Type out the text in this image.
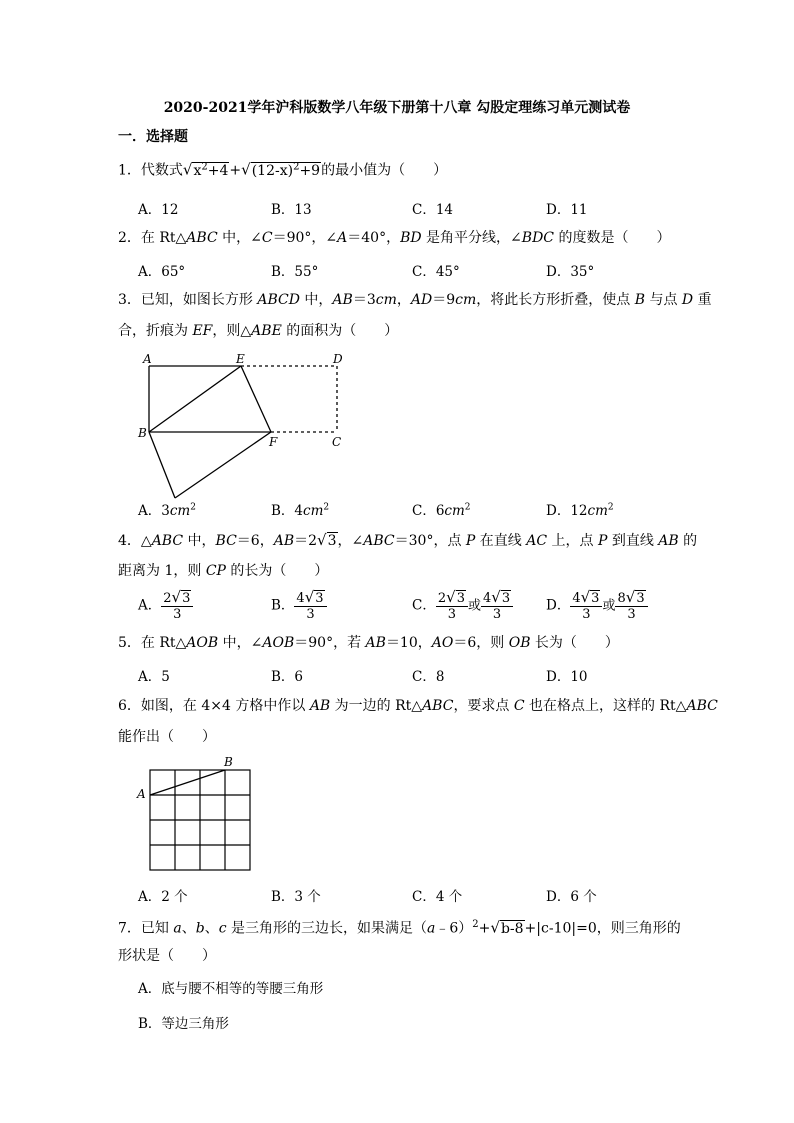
2020-2021学年沪科版数学八年级下册第十八章 勾股定理练习单元测试卷
一．选择题
1．代数式$√x^2+4+√(12-x)^2+9$的最小值为（　　）
A．12	B．13	C．14	D．11
2．在 Rt△ABC 中，∠C＝90°，∠A＝40°，BD 是角平分线，∠BDC 的度数是（　　）
A．65°	B．55°	C．45°	D．35°
3．已知，如图长方形 ABCD 中，AB＝3cm，AD＝9cm，将此长方形折叠，使点 B 与点 D 重
合，折痕为 EF，则△ABE 的面积为（　　）
A	E	D
B
F	C
A．$3cm^2$	B．$4cm^2$	C．$6cm^2$	D．$12cm^2$
4．△ABC 中，BC＝6，AB＝2√3，∠ABC＝30°，点 P 在直线 AC 上，点 P 到直线 AB 的
距离为 1，则 CP 的长为（　　）
A． $\frac{2√3}{3}$	B． $\frac{4√3}{3}$	C． $\frac{2√3}{3}$ 或 $\frac{4√3}{3}$ D． $\frac{4√3}{3}$ 或 $\frac{8√3}{3}$
5．在 Rt△AOB 中，∠AOB＝90°，若 AB＝10，AO＝6，则 OB 长为（　　）
A．5	B．6	C．8	D．10
6．如图，在 4×4 方格中作以 AB 为一边的 Rt△ABC，要求点 C 也在格点上，这样的 Rt△ABC
能作出（　　）
A
B
A．2 个	B．3 个	C．4 个	D．6 个
7．已知 a、b、c 是三角形的三边长，如果满足（a﹣6）$^2$+√b-8+|c-10|=0，则三角形的
形状是（　　）
A．底与腰不相等的等腰三角形
B．等边三角形
